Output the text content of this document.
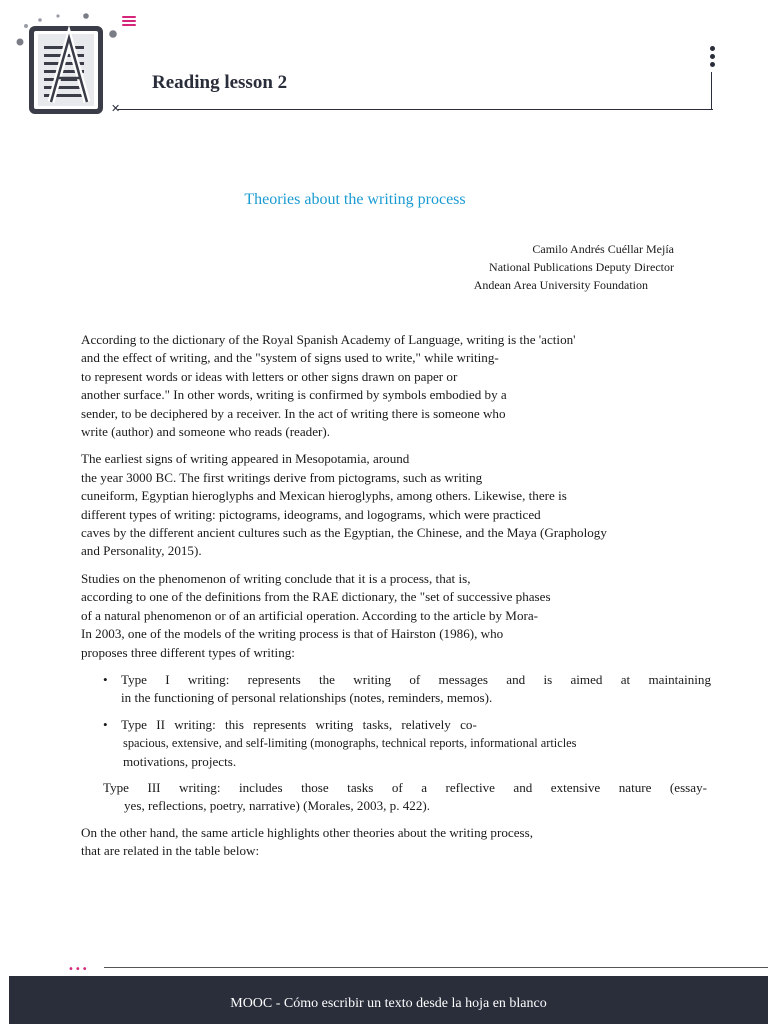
Reading lesson 2
✕
Theories about the writing process
Camilo Andrés Cuéllar Mejía
National Publications Deputy Director
Andean Area University Foundation
According to the dictionary of the Royal Spanish Academy of Language, writing is the 'action'
and the effect of writing, and the "system of signs used to write," while writing-
to represent words or ideas with letters or other signs drawn on paper or
another surface." In other words, writing is confirmed by symbols embodied by a
sender, to be deciphered by a receiver. In the act of writing there is someone who
write (author) and someone who reads (reader).
The earliest signs of writing appeared in Mesopotamia, around
the year 3000 BC. The first writings derive from pictograms, such as writing
cuneiform, Egyptian hieroglyphs and Mexican hieroglyphs, among others. Likewise, there is
different types of writing: pictograms, ideograms, and logograms, which were practiced
caves by the different ancient cultures such as the Egyptian, the Chinese, and the Maya (Graphology
and Personality, 2015).
Studies on the phenomenon of writing conclude that it is a process, that is,
according to one of the definitions from the RAE dictionary, the "set of successive phases
of a natural phenomenon or of an artificial operation. According to the article by Mora-
In 2003, one of the models of the writing process is that of Hairston (1986), who
proposes three different types of writing:
• Type I writing: represents the writing of messages and is aimed at maintaining
in the functioning of personal relationships (notes, reminders, memos).
• Type II writing: this represents writing tasks, relatively co-
spacious, extensive, and self-limiting (monographs, technical reports, informational articles
motivations, projects.
Type III writing: includes those tasks of a reflective and extensive nature (essay-
yes, reflections, poetry, narrative) (Morales, 2003, p. 422).
On the other hand, the same article highlights other theories about the writing process,
that are related in the table below:
•••
MOOC - Cómo escribir un texto desde la hoja en blanco
